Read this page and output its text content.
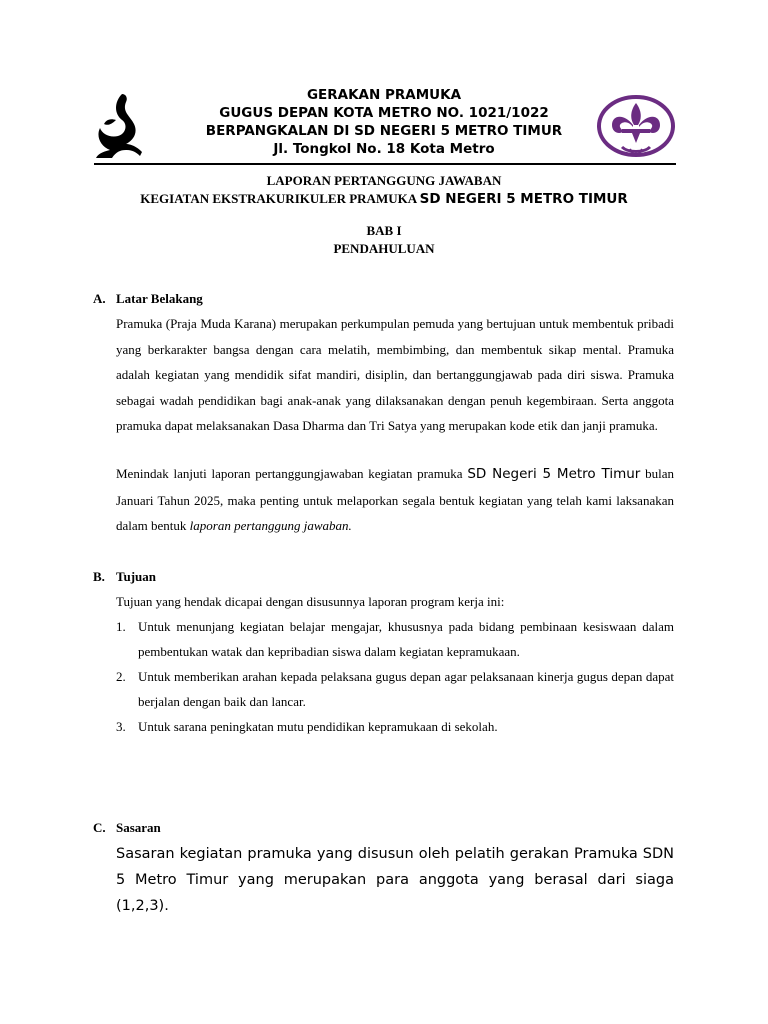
GERAKAN PRAMUKA
GUGUS DEPAN KOTA METRO NO. 1021/1022
BERPANGKALAN DI SD NEGERI 5 METRO TIMUR
Jl. Tongkol No. 18 Kota Metro
LAPORAN PERTANGGUNG JAWABAN
KEGIATAN EKSTRAKURIKULER PRAMUKA SD NEGERI 5 METRO TIMUR
BAB I
PENDAHULUAN
A. Latar Belakang
Pramuka (Praja Muda Karana) merupakan perkumpulan pemuda yang bertujuan untuk membentuk pribadi yang berkarakter bangsa dengan cara melatih, membimbing, dan membentuk sikap mental. Pramuka adalah kegiatan yang mendidik sifat mandiri, disiplin, dan bertanggungjawab pada diri siswa. Pramuka sebagai wadah pendidikan bagi anak-anak yang dilaksanakan dengan penuh kegembiraan. Serta anggota pramuka dapat melaksanakan Dasa Dharma dan Tri Satya yang merupakan kode etik dan janji pramuka.
Menindak lanjuti laporan pertanggungjawaban kegiatan pramuka SD Negeri 5 Metro Timur bulan Januari Tahun 2025, maka penting untuk melaporkan segala bentuk kegiatan yang telah kami laksanakan dalam bentuk laporan pertanggung jawaban.
B. Tujuan
Tujuan yang hendak dicapai dengan disusunnya laporan program kerja ini:
1. Untuk menunjang kegiatan belajar mengajar, khususnya pada bidang pembinaan kesiswaan dalam pembentukan watak dan kepribadian siswa dalam kegiatan kepramukaan.
2. Untuk memberikan arahan kepada pelaksana gugus depan agar pelaksanaan kinerja gugus depan dapat berjalan dengan baik dan lancar.
3. Untuk sarana peningkatan mutu pendidikan kepramukaan di sekolah.
C. Sasaran
Sasaran kegiatan pramuka yang disusun oleh pelatih gerakan Pramuka SDN 5 Metro Timur yang merupakan para anggota yang berasal dari siaga (1,2,3).
